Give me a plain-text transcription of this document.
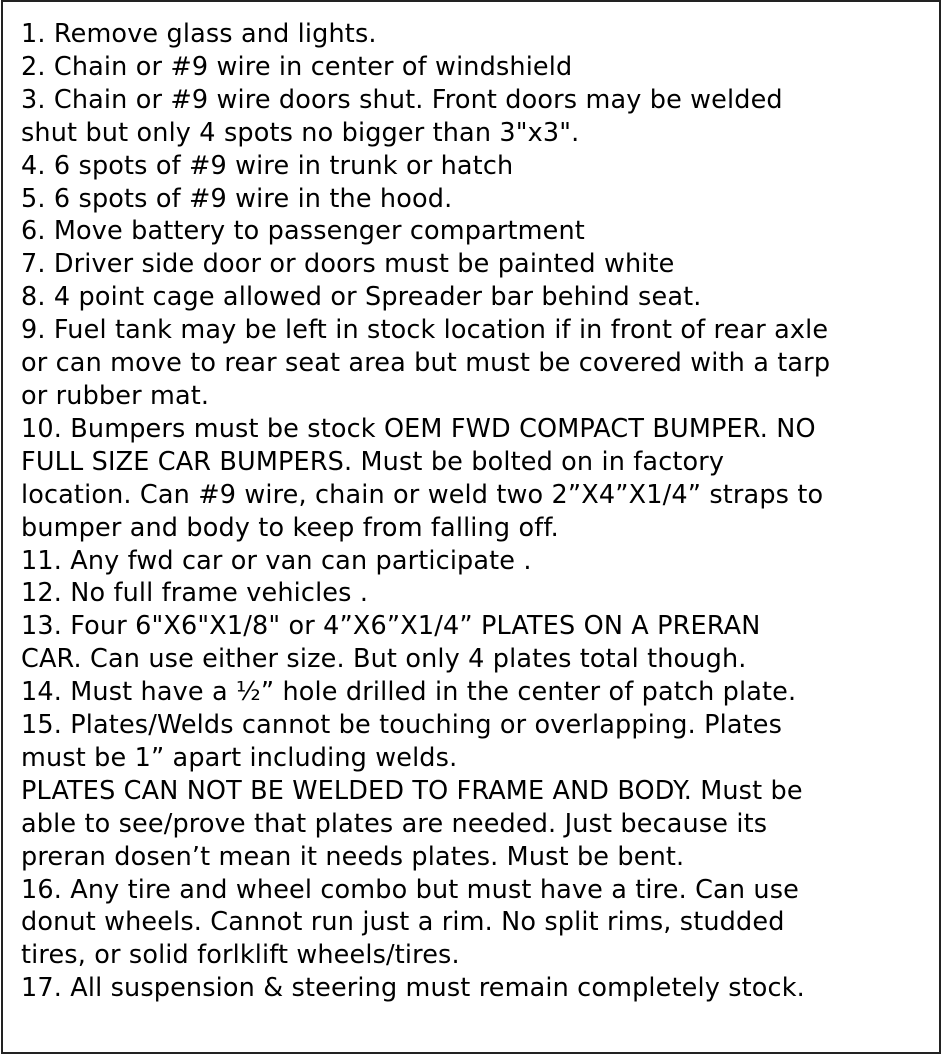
1. Remove glass and lights.
2. Chain or #9 wire in center of windshield
3. Chain or #9 wire doors shut. Front doors may be welded
shut but only 4 spots no bigger than 3"x3".
4. 6 spots of #9 wire in trunk or hatch
5. 6 spots of #9 wire in the hood.
6. Move battery to passenger compartment
7. Driver side door or doors must be painted white
8. 4 point cage allowed or Spreader bar behind seat.
9. Fuel tank may be left in stock location if in front of rear axle
or can move to rear seat area but must be covered with a tarp
or rubber mat.
10. Bumpers must be stock OEM FWD COMPACT BUMPER. NO
FULL SIZE CAR BUMPERS. Must be bolted on in factory
location. Can #9 wire, chain or weld two 2”X4”X1/4” straps to
bumper and body to keep from falling off.
11. Any fwd car or van can participate .
12. No full frame vehicles .
13. Four 6"X6"X1/8" or 4”X6”X1/4” PLATES ON A PRERAN
CAR. Can use either size. But only 4 plates total though.
14. Must have a ½” hole drilled in the center of patch plate.
15. Plates/Welds cannot be touching or overlapping. Plates
must be 1” apart including welds.
PLATES CAN NOT BE WELDED TO FRAME AND BODY. Must be
able to see/prove that plates are needed. Just because its
preran dosen’t mean it needs plates. Must be bent.
16. Any tire and wheel combo but must have a tire. Can use
donut wheels. Cannot run just a rim. No split rims, studded
tires, or solid forlklift wheels/tires.
17. All suspension & steering must remain completely stock.
